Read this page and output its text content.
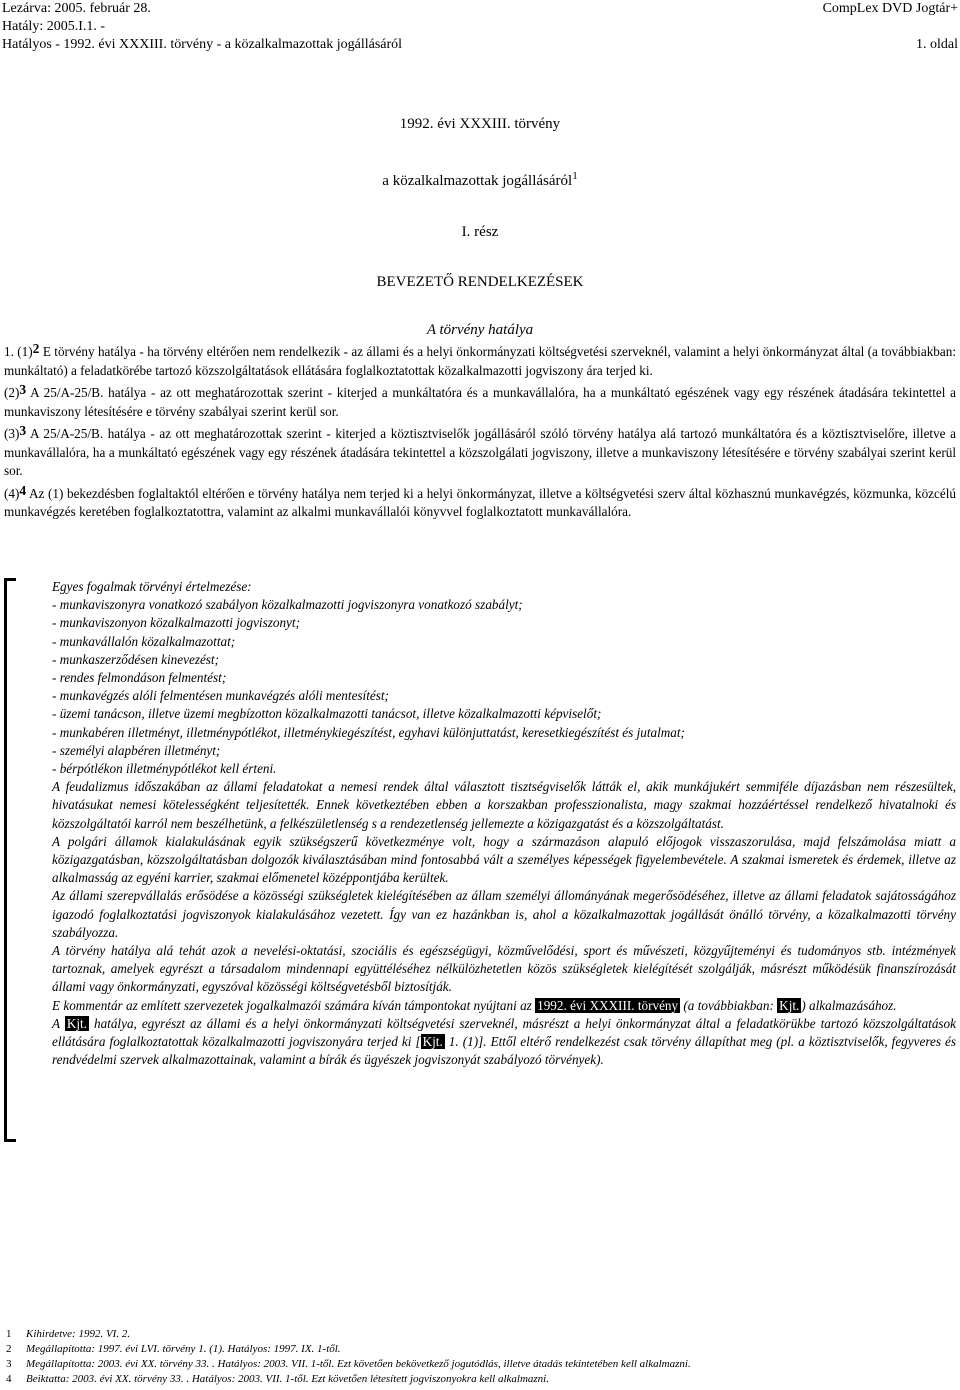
Lezárva: 2005. február 28.	CompLex DVD Jogtár+
Hatály: 2005.I.1. -
Hatályos - 1992. évi XXXIII. törvény - a közalkalmazottak jogállásáról	1. oldal
1992. évi XXXIII. törvény
a közalkalmazottak jogállásáról$^1$
I. rész
BEVEZETŐ RENDELKEZÉSEK
A törvény hatálya

1. (1)2 E törvény hatálya - ha törvény eltérően nem rendelkezik - az állami és a helyi önkormányzati költségvetési szerveknél, valamint a helyi önkormányzat által (a továbbiakban: munkáltató) a feladatkörébe tartozó közszolgáltatások ellátására foglalkoztatottak közalkalmazotti jogviszony ára terjed ki.

(2)3 A 25/A-25/B. hatálya - az ott meghatározottak szerint - kiterjed a munkáltatóra és a munkavállalóra, ha a munkáltató egészének vagy egy részének átadására tekintettel a munkaviszony létesítésére e törvény szabályai szerint kerül sor.

(3)3 A 25/A-25/B. hatálya - az ott meghatározottak szerint - kiterjed a köztisztviselők jogállásáról szóló törvény hatálya alá tartozó munkáltatóra és a köztisztviselőre, illetve a munkavállalóra, ha a munkáltató egészének vagy egy részének átadására tekintettel a közszolgálati jogviszony, illetve a munkaviszony létesítésére e törvény szabályai szerint kerül sor.

(4)4 Az (1) bekezdésben foglaltaktól eltérően e törvény hatálya nem terjed ki a helyi önkormányzat, illetve a költségvetési szerv által közhasznú munkavégzés, közmunka, közcélú munkavégzés keretében foglalkoztatottra, valamint az alkalmi munkavállalói könyvvel foglalkoztatott munkavállalóra.

Egyes fogalmak törvényi értelmezése:
- munkaviszonyra vonatkozó szabályon közalkalmazotti jogviszonyra vonatkozó szabályt;
- munkaviszonyon közalkalmazotti jogviszonyt;
- munkavállalón közalkalmazottat;
- munkaszerződésen kinevezést;
- rendes felmondáson felmentést;
- munkavégzés alóli felmentésen munkavégzés alóli mentesítést;
- üzemi tanácson, illetve üzemi megbízotton közalkalmazotti tanácsot, illetve közalkalmazotti képviselőt;
- munkabéren illetményt, illetménypótlékot, illetménykiegészítést, egyhavi különjuttatást, keresetkiegészítést és jutalmat;
- személyi alapbéren illetményt;
- bérpótlékon illetménypótlékot kell érteni.
A feudalizmus időszakában az állami feladatokat a nemesi rendek által választott tisztségviselők látták el, akik munkájukért semmiféle díjazásban nem részesültek, hivatásukat nemesi kötelességként teljesítették. Ennek következtében ebben a korszakban professzionalista, magy szakmai hozzáértéssel rendelkező hivatalnoki és közszolgáltatói karról nem beszélhetünk, a felkészületlenség s a rendezetlenség jellemezte a közigazgatást és a közszolgáltatást.
A polgári államok kialakulásának egyik szükségszerű következménye volt, hogy a származáson alapuló előjogok visszaszorulása, majd felszámolása miatt a közigazgatásban, közszolgáltatásban dolgozók kiválasztásában mind fontosabbá vált a személyes képességek figyelembevétele. A szakmai ismeretek és érdemek, illetve az alkalmasság az egyéni karrier, szakmai előmenetel középpontjába kerültek.
Az állami szerepvállalás erősödése a közösségi szükségletek kielégítésében az állam személyi állományának megerősödéséhez, illetve az állami feladatok sajátosságához igazodó foglalkoztatási jogviszonyok kialakulásához vezetett. Így van ez hazánkban is, ahol a közalkalmazottak jogállását önálló törvény, a közalkalmazotti törvény szabályozza.
A törvény hatálya alá tehát azok a nevelési-oktatási, szociális és egészségügyi, közművelődési, sport és művészeti, közgyűjteményi és tudományos stb. intézmények tartoznak, amelyek egyrészt a társadalom mindennapi együttéléséhez nélkülözhetetlen közös szükségletek kielégítését szolgálják, másrészt működésük finanszírozását állami vagy önkormányzati, egyszóval közösségi költségvetésből biztosítják.
E kommentár az említett szervezetek jogalkalmazói számára kíván támpontokat nyújtani az 1992. évi XXXIII. törvény (a továbbiakban: Kjt. ) alkalmazásához.
A Kjt. hatálya, egyrészt az állami és a helyi önkormányzati költségvetési szerveknél, másrészt a helyi önkormányzat által a feladatkörükbe tartozó közszolgáltatások ellátására foglalkoztatottak közalkalmazotti jogviszonyára terjed ki [ Kjt. 1. (1)]. Ettől eltérő rendelkezést csak törvény állapíthat meg (pl. a köztisztviselők, fegyveres és rendvédelmi szervek alkalmazottainak, valamint a bírák és ügyészek jogviszonyát szabályozó törvények).
1 Kihirdetve: 1992. VI. 2.
2 Megállapította: 1997. évi LVI. törvény 1. (1). Hatályos: 1997. IX. 1-től.
3 Megállapította: 2003. évi XX. törvény 33. . Hatályos: 2003. VII. 1-től. Ezt követően bekövetkező jogutódlás, illetve átadás tekintetében kell alkalmazni.
4 Beiktatta: 2003. évi XX. törvény 33. . Hatályos: 2003. VII. 1-től. Ezt követően létesített jogviszonyokra kell alkalmazni.
